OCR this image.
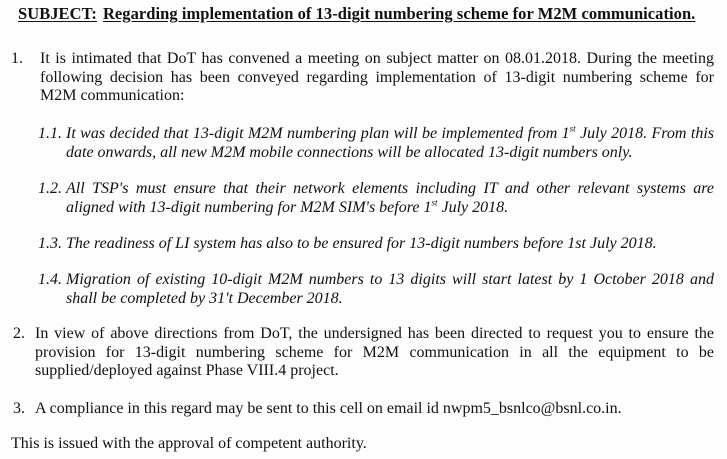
SUBJECT: Regarding implementation of 13-digit numbering scheme for M2M communication.
1. It is intimated that DoT has convened a meeting on subject matter on 08.01.2018. During the meeting following decision has been conveyed regarding implementation of 13-digit numbering scheme for M2M communication:
1.1. It was decided that 13-digit M2M numbering plan will be implemented from 1st July 2018. From this date onwards, all new M2M mobile connections will be allocated 13-digit numbers only.
1.2. All TSP's must ensure that their network elements including IT and other relevant systems are aligned with 13-digit numbering for M2M SIM's before 1st July 2018.
1.3. The readiness of LI system has also to be ensured for 13-digit numbers before 1st July 2018.
1.4. Migration of existing 10-digit M2M numbers to 13 digits will start latest by 1 October 2018 and shall be completed by 31't December 2018.
2. In view of above directions from DoT, the undersigned has been directed to request you to ensure the provision for 13-digit numbering scheme for M2M communication in all the equipment to be supplied/deployed against Phase VIII.4 project.
3. A compliance in this regard may be sent to this cell on email id nwpm5_bsnlco@bsnl.co.in.
This is issued with the approval of competent authority.
